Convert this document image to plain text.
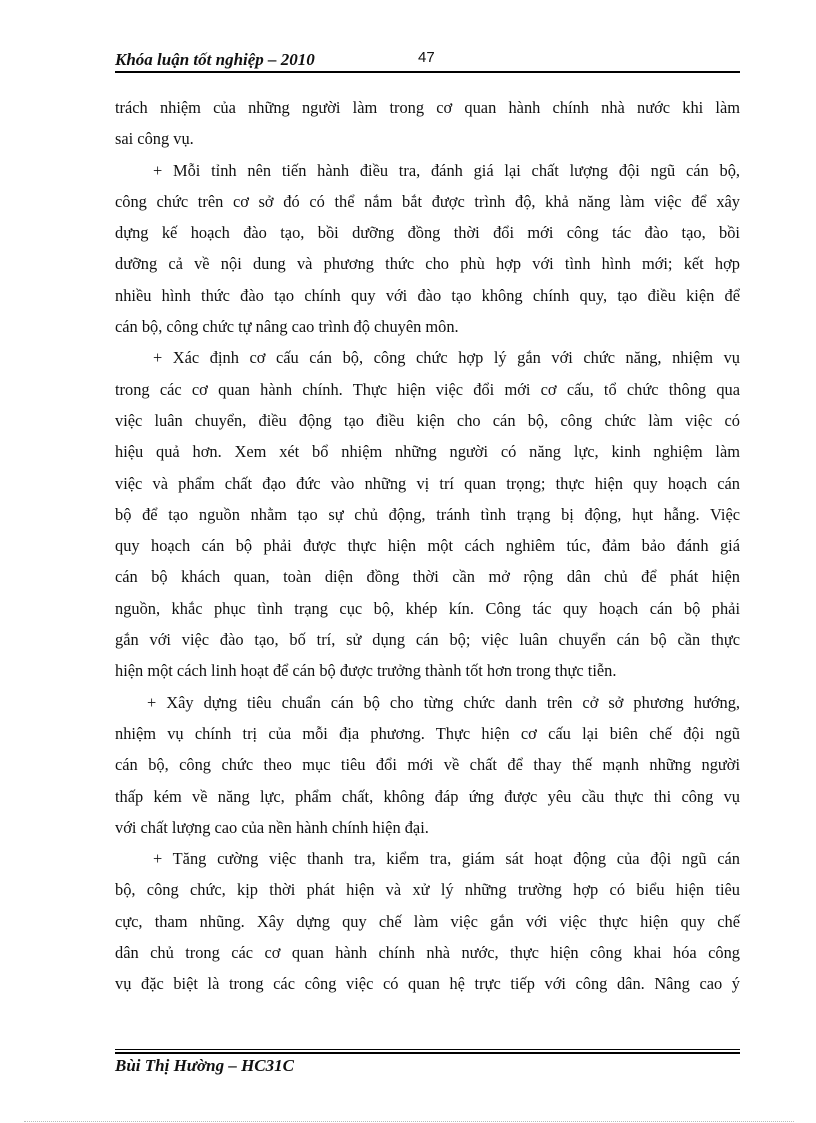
Khóa luận tốt nghiệp – 2010	47
trách nhiệm của những người làm trong cơ quan hành chính nhà nước khi làm
sai công vụ.
+ Mỗi tỉnh nên tiến hành điều tra, đánh giá lại chất lượng đội ngũ cán bộ,
công chức trên cơ sở đó có thể nắm bắt được trình độ, khả năng làm việc để xây
dựng kế hoạch đào tạo, bồi dưỡng đồng thời đổi mới công tác đào tạo, bồi
dưỡng cả về nội dung và phương thức cho phù hợp với tình hình mới; kết hợp
nhiều hình thức đào tạo chính quy với đào tạo không chính quy, tạo điều kiện để
cán bộ, công chức tự nâng cao trình độ chuyên môn.
+ Xác định cơ cấu cán bộ, công chức hợp lý gắn với chức năng, nhiệm vụ
trong các cơ quan hành chính. Thực hiện việc đổi mới cơ cấu, tổ chức thông qua
việc luân chuyển, điều động tạo điều kiện cho cán bộ, công chức làm việc có
hiệu quả hơn. Xem xét bổ nhiệm những người có năng lực, kinh nghiệm làm
việc và phẩm chất đạo đức vào những vị trí quan trọng; thực hiện quy hoạch cán
bộ để tạo nguồn nhằm tạo sự chủ động, tránh tình trạng bị động, hụt hẫng. Việc
quy hoạch cán bộ phải được thực hiện một cách nghiêm túc, đảm bảo đánh giá
cán bộ khách quan, toàn diện đồng thời cần mở rộng dân chủ để phát hiện
nguồn, khắc phục tình trạng cục bộ, khép kín. Công tác quy hoạch cán bộ phải
gắn với việc đào tạo, bố trí, sử dụng cán bộ; việc luân chuyển cán bộ cần thực
hiện một cách linh hoạt để cán bộ được trưởng thành tốt hơn trong thực tiễn.
+ Xây dựng tiêu chuẩn cán bộ cho từng chức danh trên cở sở phương hướng,
nhiệm vụ chính trị của mỗi địa phương. Thực hiện cơ cấu lại biên chế đội ngũ
cán bộ, công chức theo mục tiêu đổi mới về chất để thay thế mạnh những người
thấp kém về năng lực, phẩm chất, không đáp ứng được yêu cầu thực thi công vụ
với chất lượng cao của nền hành chính hiện đại.
+ Tăng cường việc thanh tra, kiểm tra, giám sát hoạt động của đội ngũ cán
bộ, công chức, kịp thời phát hiện và xử lý những trường hợp có biểu hiện tiêu
cực, tham nhũng. Xây dựng quy chế làm việc gắn với việc thực hiện quy chế
dân chủ trong các cơ quan hành chính nhà nước, thực hiện công khai hóa công
vụ đặc biệt là trong các công việc có quan hệ trực tiếp với công dân. Nâng cao ý
Bùi Thị Hường – HC31C
